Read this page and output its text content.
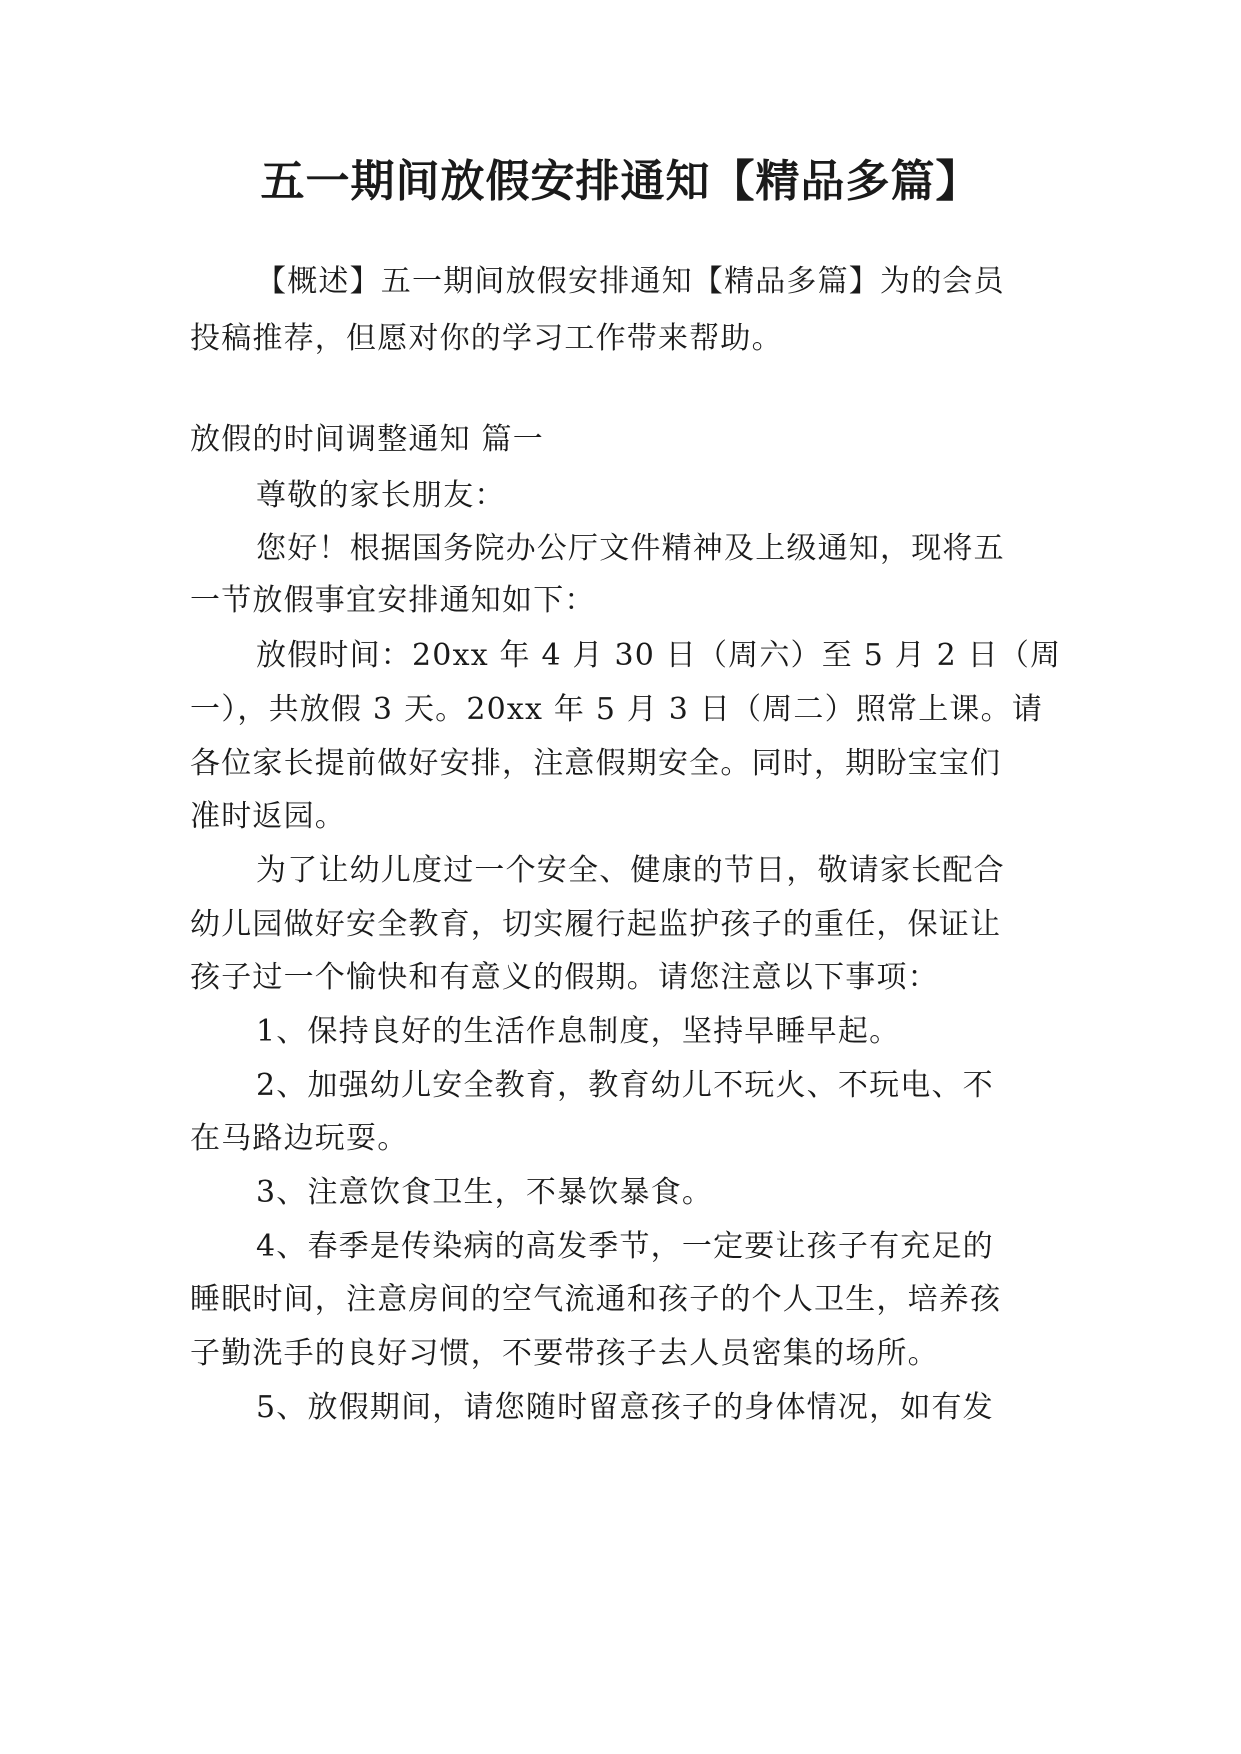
五一期间放假安排通知【精品多篇】
【概述】五一期间放假安排通知【精品多篇】为的会员
投稿推荐，但愿对你的学习工作带来帮助。
放假的时间调整通知 篇一
尊敬的家长朋友：
您好！根据国务院办公厅文件精神及上级通知，现将五
一节放假事宜安排通知如下：
放假时间：20xx 年 4 月 30 日（周六）至 5 月 2 日（周
一），共放假 3 天。20xx 年 5 月 3 日（周二）照常上课。请
各位家长提前做好安排，注意假期安全。同时，期盼宝宝们
准时返园。
为了让幼儿度过一个安全、健康的节日，敬请家长配合
幼儿园做好安全教育，切实履行起监护孩子的重任，保证让
孩子过一个愉快和有意义的假期。请您注意以下事项：
1、保持良好的生活作息制度，坚持早睡早起。
2、加强幼儿安全教育，教育幼儿不玩火、不玩电、不
在马路边玩耍。
3、注意饮食卫生，不暴饮暴食。
4、春季是传染病的高发季节，一定要让孩子有充足的
睡眠时间，注意房间的空气流通和孩子的个人卫生，培养孩
子勤洗手的良好习惯，不要带孩子去人员密集的场所。
5、放假期间，请您随时留意孩子的身体情况，如有发
